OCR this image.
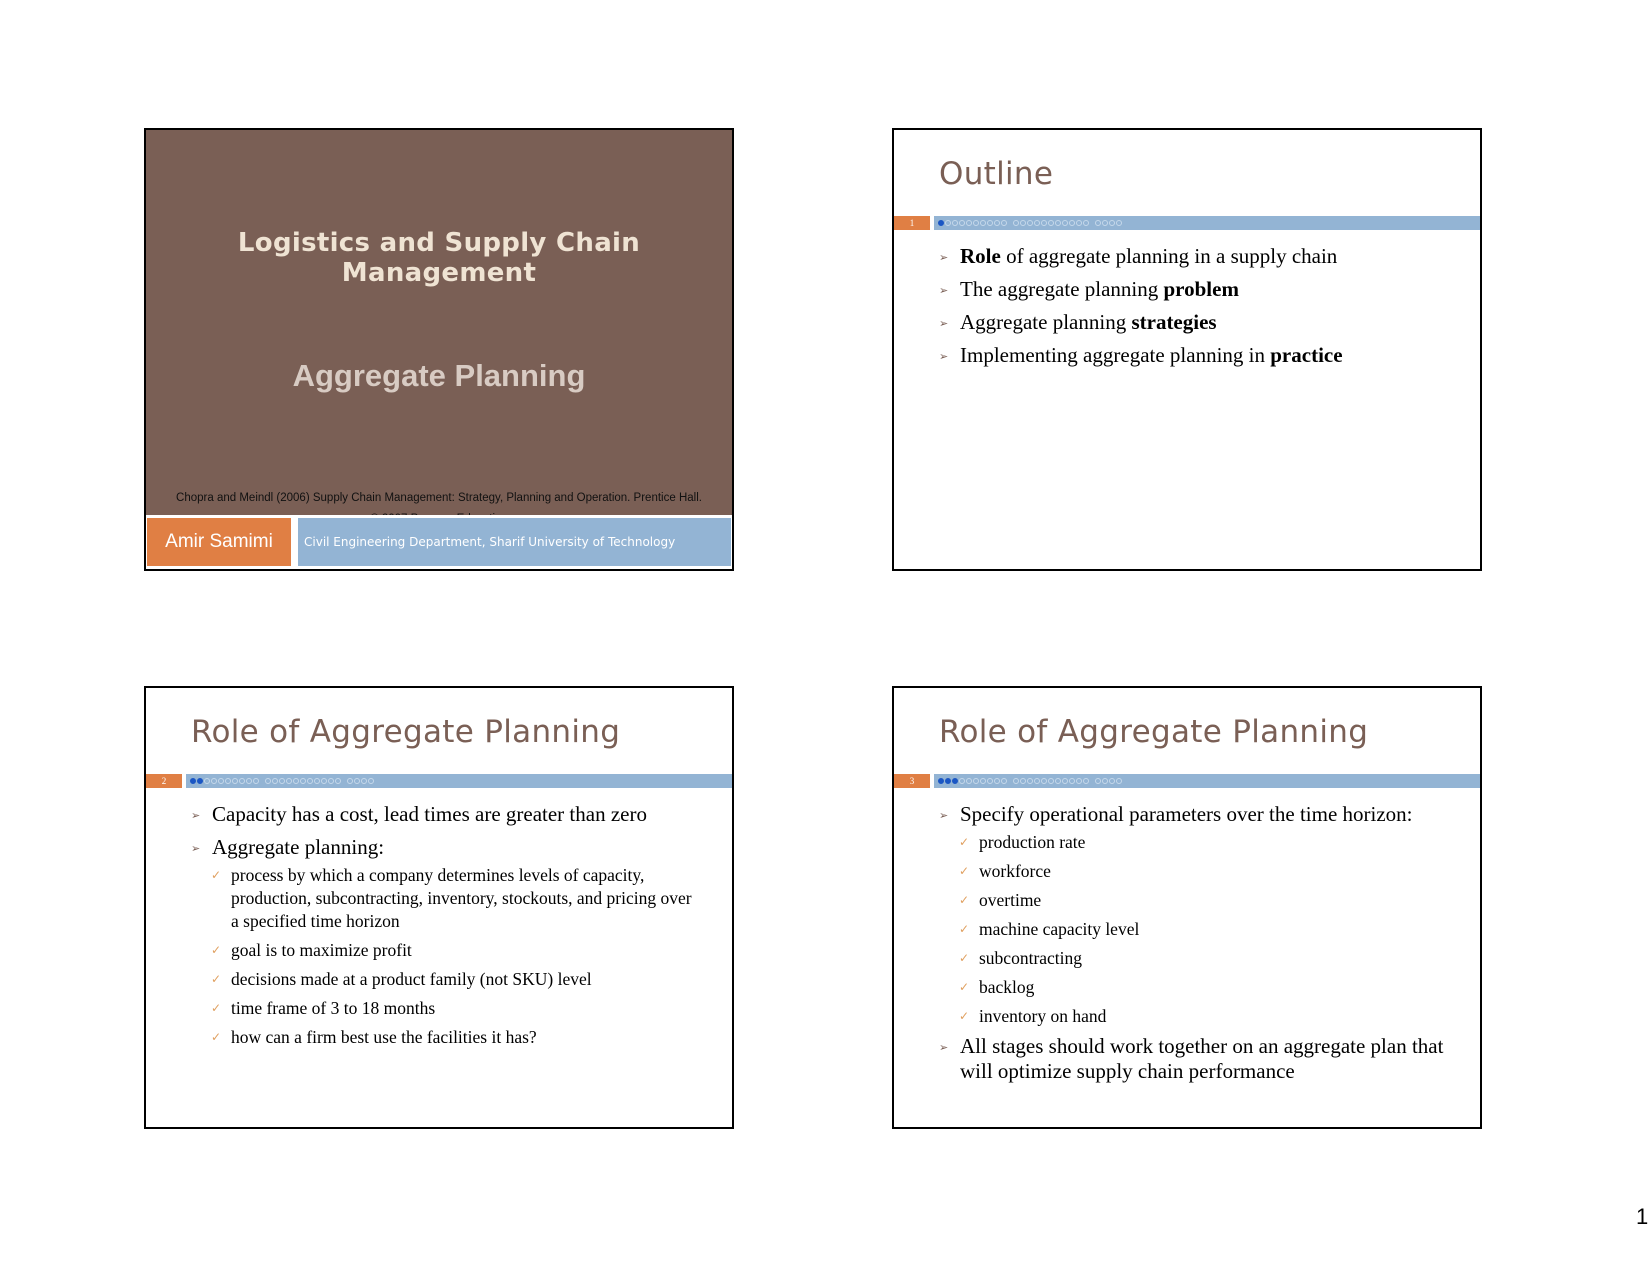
Logistics and Supply Chain Management
Aggregate Planning
Chopra and Meindl (2006) Supply Chain Management: Strategy, Planning and Operation. Prentice Hall.
Amir Samimi	Civil Engineering Department, Sharif University of Technology
Outline
1
➢ Role of aggregate planning in a supply chain
➢ The aggregate planning problem
➢ Aggregate planning strategies
➢ Implementing aggregate planning in practice
Role of Aggregate Planning
2
➢ Capacity has a cost, lead times are greater than zero
➢ Aggregate planning:
✓ process by which a company determines levels of capacity, production, subcontracting, inventory, stockouts, and pricing over a specified time horizon
✓ goal is to maximize profit
✓ decisions made at a product family (not SKU) level
✓ time frame of 3 to 18 months
✓ how can a firm best use the facilities it has?
Role of Aggregate Planning
3
➢ Specify operational parameters over the time horizon:
✓ production rate
✓ workforce
✓ overtime
✓ machine capacity level
✓ subcontracting
✓ backlog
✓ inventory on hand
➢ All stages should work together on an aggregate plan that will optimize supply chain performance
1
